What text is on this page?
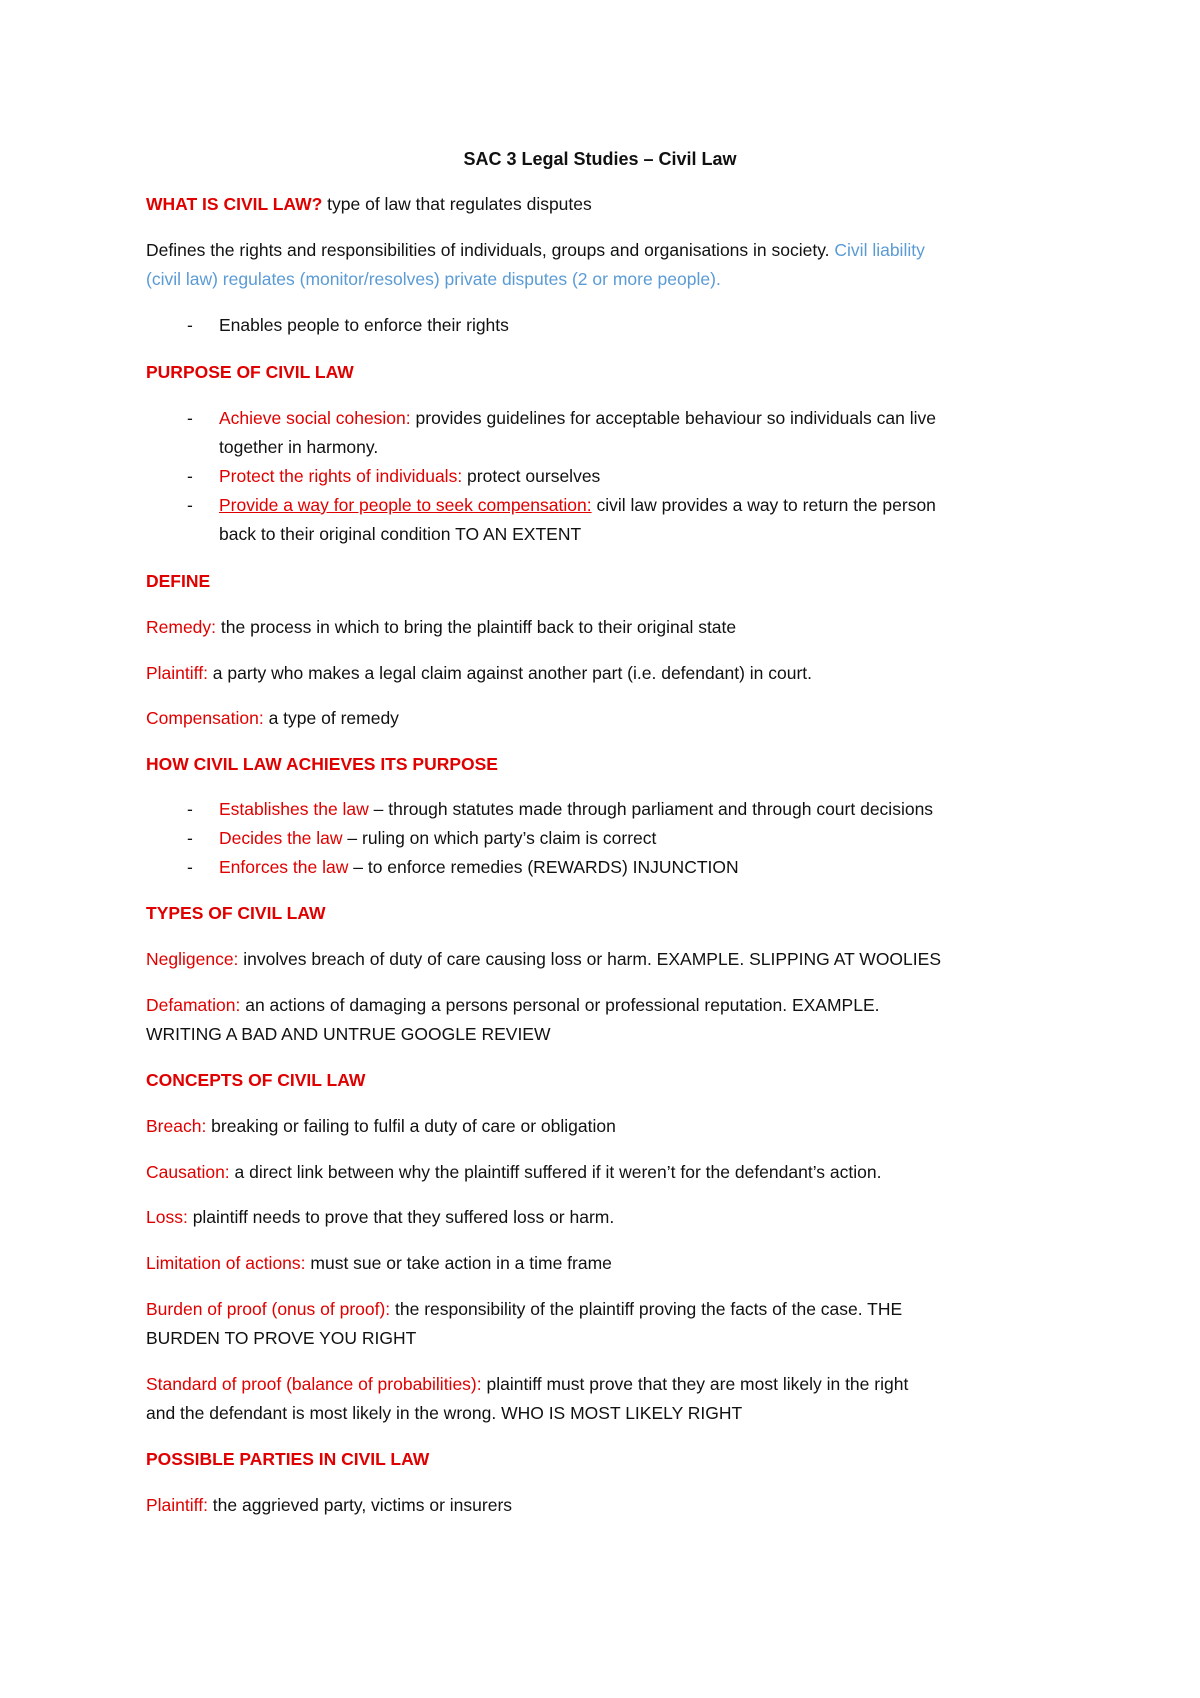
SAC 3 Legal Studies – Civil Law
WHAT IS CIVIL LAW? type of law that regulates disputes
Defines the rights and responsibilities of individuals, groups and organisations in society. Civil liability
(civil law) regulates (monitor/resolves) private disputes (2 or more people).
- Enables people to enforce their rights
PURPOSE OF CIVIL LAW
- Achieve social cohesion: provides guidelines for acceptable behaviour so individuals can live
together in harmony.
- Protect the rights of individuals: protect ourselves
- Provide a way for people to seek compensation: civil law provides a way to return the person
back to their original condition TO AN EXTENT
DEFINE
Remedy: the process in which to bring the plaintiff back to their original state
Plaintiff: a party who makes a legal claim against another part (i.e. defendant) in court.
Compensation: a type of remedy
HOW CIVIL LAW ACHIEVES ITS PURPOSE
- Establishes the law – through statutes made through parliament and through court decisions
- Decides the law – ruling on which party’s claim is correct
- Enforces the law – to enforce remedies (REWARDS) INJUNCTION
TYPES OF CIVIL LAW
Negligence: involves breach of duty of care causing loss or harm. EXAMPLE. SLIPPING AT WOOLIES
Defamation: an actions of damaging a persons personal or professional reputation. EXAMPLE.
WRITING A BAD AND UNTRUE GOOGLE REVIEW
CONCEPTS OF CIVIL LAW
Breach: breaking or failing to fulfil a duty of care or obligation
Causation: a direct link between why the plaintiff suffered if it weren’t for the defendant’s action.
Loss: plaintiff needs to prove that they suffered loss or harm.
Limitation of actions: must sue or take action in a time frame
Burden of proof (onus of proof): the responsibility of the plaintiff proving the facts of the case. THE
BURDEN TO PROVE YOU RIGHT
Standard of proof (balance of probabilities): plaintiff must prove that they are most likely in the right
and the defendant is most likely in the wrong. WHO IS MOST LIKELY RIGHT
POSSIBLE PARTIES IN CIVIL LAW
Plaintiff: the aggrieved party, victims or insurers
